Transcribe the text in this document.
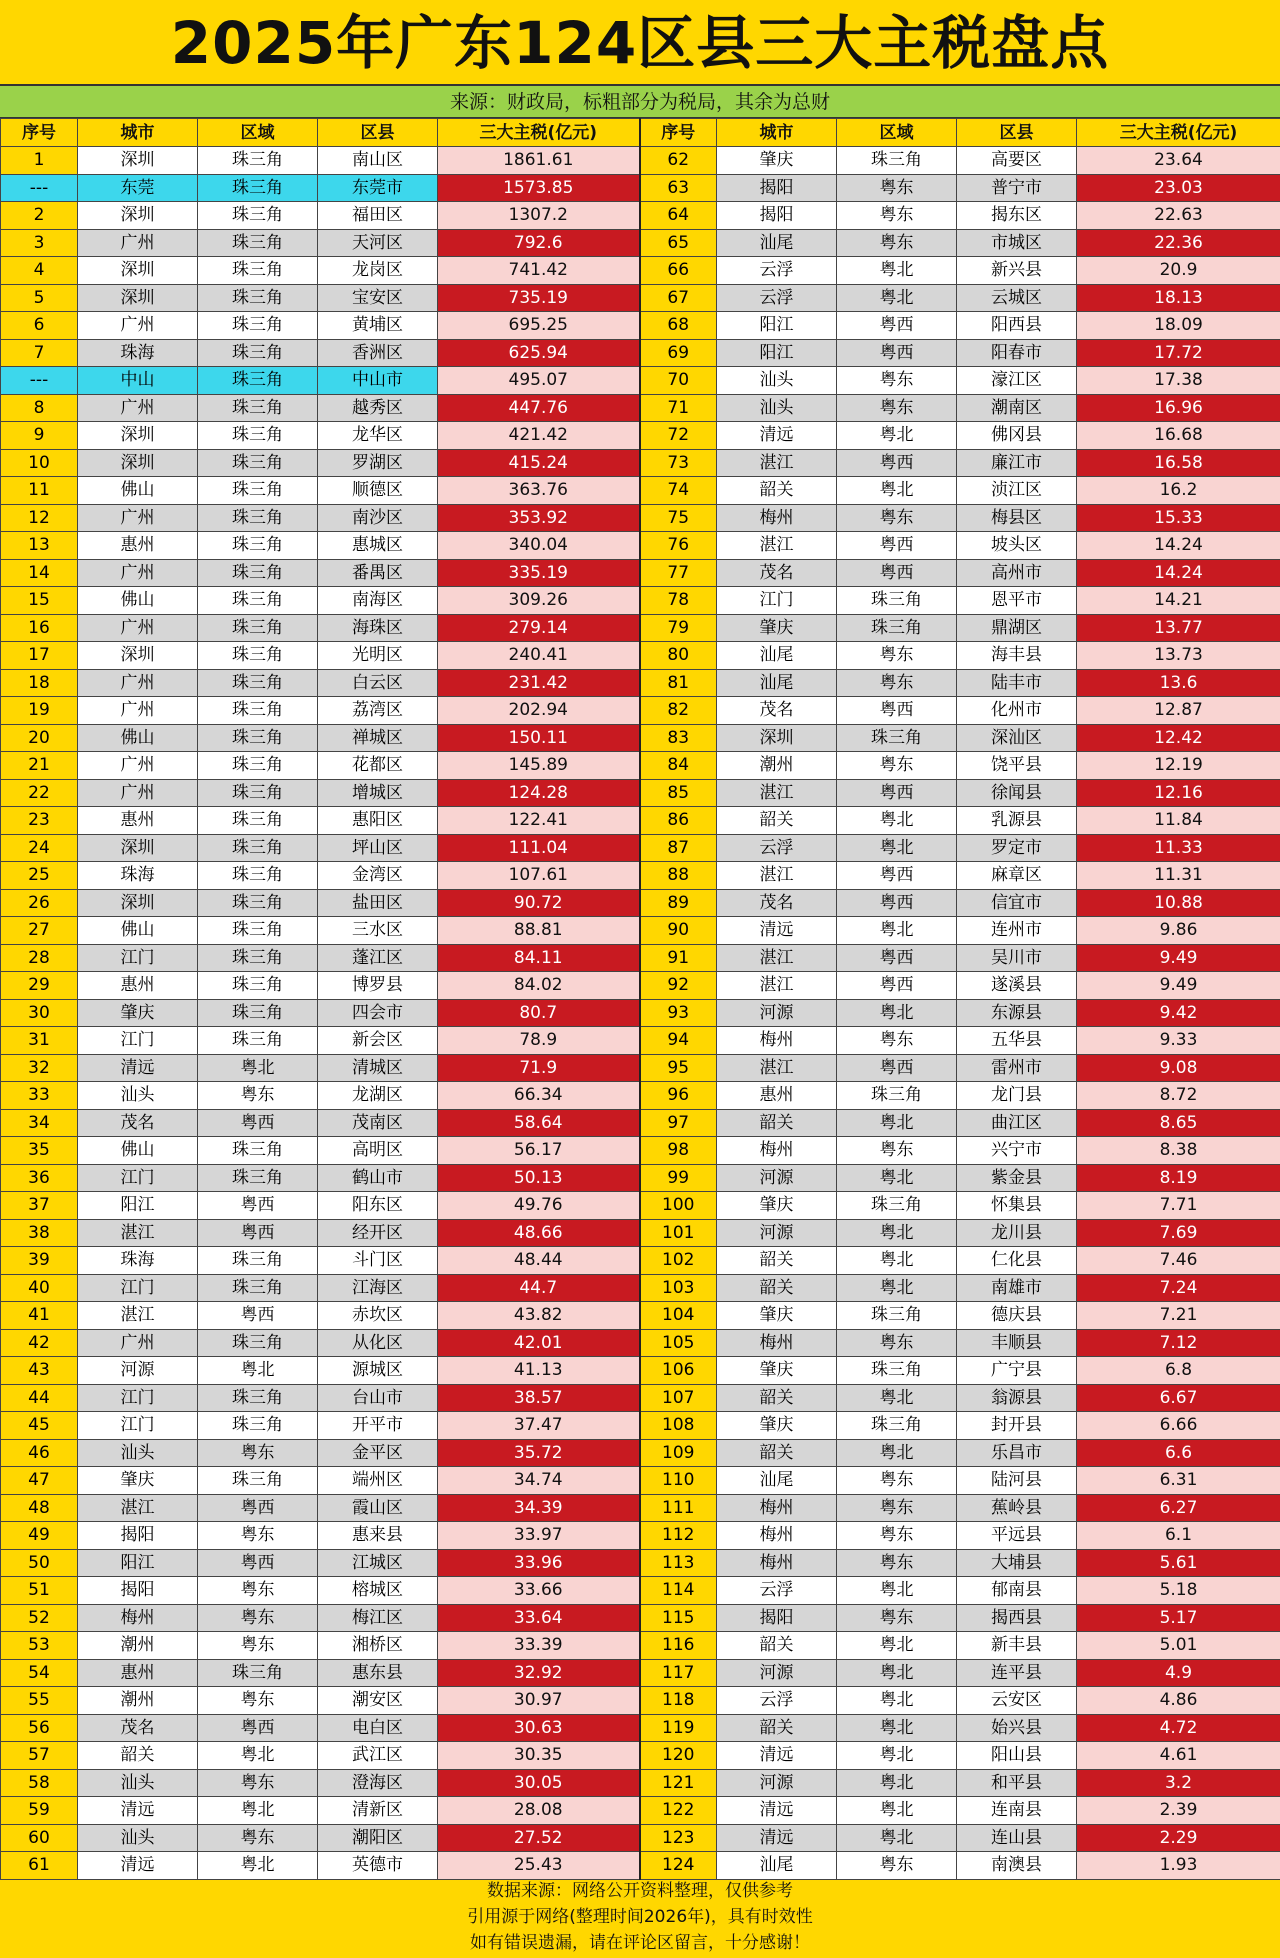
2025年广东124区县三大主税盘点
来源：财政局，标粗部分为税局，其余为总财
序号	城市	区域	区县	三大主税(亿元)	序号	城市	区域	区县	三大主税(亿元)
1	深圳	珠三角	南山区	1861.61	62	肇庆	珠三角	高要区	23.64
---	东莞	珠三角	东莞市	1573.85	63	揭阳	粤东	普宁市	23.03
2	深圳	珠三角	福田区	1307.2	64	揭阳	粤东	揭东区	22.63
3	广州	珠三角	天河区	792.6	65	汕尾	粤东	市城区	22.36
4	深圳	珠三角	龙岗区	741.42	66	云浮	粤北	新兴县	20.9
5	深圳	珠三角	宝安区	735.19	67	云浮	粤北	云城区	18.13
6	广州	珠三角	黄埔区	695.25	68	阳江	粤西	阳西县	18.09
7	珠海	珠三角	香洲区	625.94	69	阳江	粤西	阳春市	17.72
---	中山	珠三角	中山市	495.07	70	汕头	粤东	濠江区	17.38
8	广州	珠三角	越秀区	447.76	71	汕头	粤东	潮南区	16.96
9	深圳	珠三角	龙华区	421.42	72	清远	粤北	佛冈县	16.68
10	深圳	珠三角	罗湖区	415.24	73	湛江	粤西	廉江市	16.58
11	佛山	珠三角	顺德区	363.76	74	韶关	粤北	浈江区	16.2
12	广州	珠三角	南沙区	353.92	75	梅州	粤东	梅县区	15.33
13	惠州	珠三角	惠城区	340.04	76	湛江	粤西	坡头区	14.24
14	广州	珠三角	番禺区	335.19	77	茂名	粤西	高州市	14.24
15	佛山	珠三角	南海区	309.26	78	江门	珠三角	恩平市	14.21
16	广州	珠三角	海珠区	279.14	79	肇庆	珠三角	鼎湖区	13.77
17	深圳	珠三角	光明区	240.41	80	汕尾	粤东	海丰县	13.73
18	广州	珠三角	白云区	231.42	81	汕尾	粤东	陆丰市	13.6
19	广州	珠三角	荔湾区	202.94	82	茂名	粤西	化州市	12.87
20	佛山	珠三角	禅城区	150.11	83	深圳	珠三角	深汕区	12.42
21	广州	珠三角	花都区	145.89	84	潮州	粤东	饶平县	12.19
22	广州	珠三角	增城区	124.28	85	湛江	粤西	徐闻县	12.16
23	惠州	珠三角	惠阳区	122.41	86	韶关	粤北	乳源县	11.84
24	深圳	珠三角	坪山区	111.04	87	云浮	粤北	罗定市	11.33
25	珠海	珠三角	金湾区	107.61	88	湛江	粤西	麻章区	11.31
26	深圳	珠三角	盐田区	90.72	89	茂名	粤西	信宜市	10.88
27	佛山	珠三角	三水区	88.81	90	清远	粤北	连州市	9.86
28	江门	珠三角	蓬江区	84.11	91	湛江	粤西	吴川市	9.49
29	惠州	珠三角	博罗县	84.02	92	湛江	粤西	遂溪县	9.49
30	肇庆	珠三角	四会市	80.7	93	河源	粤北	东源县	9.42
31	江门	珠三角	新会区	78.9	94	梅州	粤东	五华县	9.33
32	清远	粤北	清城区	71.9	95	湛江	粤西	雷州市	9.08
33	汕头	粤东	龙湖区	66.34	96	惠州	珠三角	龙门县	8.72
34	茂名	粤西	茂南区	58.64	97	韶关	粤北	曲江区	8.65
35	佛山	珠三角	高明区	56.17	98	梅州	粤东	兴宁市	8.38
36	江门	珠三角	鹤山市	50.13	99	河源	粤北	紫金县	8.19
37	阳江	粤西	阳东区	49.76	100	肇庆	珠三角	怀集县	7.71
38	湛江	粤西	经开区	48.66	101	河源	粤北	龙川县	7.69
39	珠海	珠三角	斗门区	48.44	102	韶关	粤北	仁化县	7.46
40	江门	珠三角	江海区	44.7	103	韶关	粤北	南雄市	7.24
41	湛江	粤西	赤坎区	43.82	104	肇庆	珠三角	德庆县	7.21
42	广州	珠三角	从化区	42.01	105	梅州	粤东	丰顺县	7.12
43	河源	粤北	源城区	41.13	106	肇庆	珠三角	广宁县	6.8
44	江门	珠三角	台山市	38.57	107	韶关	粤北	翁源县	6.67
45	江门	珠三角	开平市	37.47	108	肇庆	珠三角	封开县	6.66
46	汕头	粤东	金平区	35.72	109	韶关	粤北	乐昌市	6.6
47	肇庆	珠三角	端州区	34.74	110	汕尾	粤东	陆河县	6.31
48	湛江	粤西	霞山区	34.39	111	梅州	粤东	蕉岭县	6.27
49	揭阳	粤东	惠来县	33.97	112	梅州	粤东	平远县	6.1
50	阳江	粤西	江城区	33.96	113	梅州	粤东	大埔县	5.61
51	揭阳	粤东	榕城区	33.66	114	云浮	粤北	郁南县	5.18
52	梅州	粤东	梅江区	33.64	115	揭阳	粤东	揭西县	5.17
53	潮州	粤东	湘桥区	33.39	116	韶关	粤北	新丰县	5.01
54	惠州	珠三角	惠东县	32.92	117	河源	粤北	连平县	4.9
55	潮州	粤东	潮安区	30.97	118	云浮	粤北	云安区	4.86
56	茂名	粤西	电白区	30.63	119	韶关	粤北	始兴县	4.72
57	韶关	粤北	武江区	30.35	120	清远	粤北	阳山县	4.61
58	汕头	粤东	澄海区	30.05	121	河源	粤北	和平县	3.2
59	清远	粤北	清新区	28.08	122	清远	粤北	连南县	2.39
60	汕头	粤东	潮阳区	27.52	123	清远	粤北	连山县	2.29
61	清远	粤北	英德市	25.43	124	汕尾	粤东	南澳县	1.93
数据来源：网络公开资料整理，仅供参考
引用源于网络(整理时间2026年)，具有时效性
如有错误遗漏，请在评论区留言，十分感谢！
